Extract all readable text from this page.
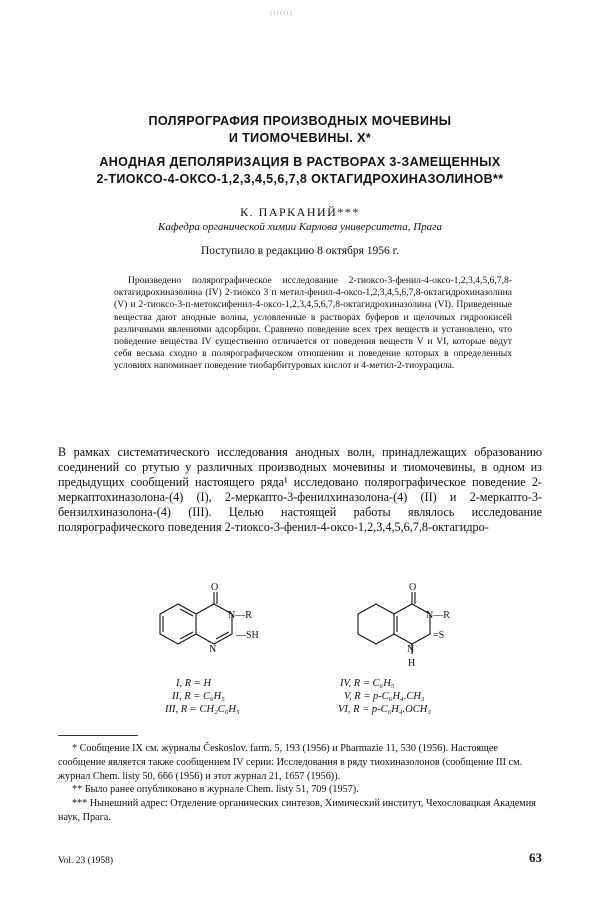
(((((((
ПОЛЯРОГРАФИЯ ПРОИЗВОДНЫХ МОЧЕВИНЫ
И ТИОМОЧЕВИНЫ. X*
АНОДНАЯ ДЕПОЛЯРИЗАЦИЯ В РАСТВОРАХ 3-ЗАМЕЩЕННЫХ
2-ТИОКСО-4-ОКСО-1,2,3,4,5,6,7,8 ОКТАГИДРОХИНАЗОЛИНОВ**
К. ПАРКАНИЙ***
Кафедра органической химии Карлова университета, Прага
Поступило в редакцию 8 октября 1956 г.
Произведено полярографическое исследование 2-тиоксо-3-фенил-4-оксо-1,2,3,4,5,6,7,8-октагидрохиназолина (IV) 2-тиоксо 3 п метил-фенил-4-оксо-1,2,3,4,5,6,7,8-октагидрохиназолина (V) и 2-тиоксо-3-п-метоксифенил-4-оксо-1,2,3,4,5,6,7,8-октагидрохиназолина (VI). Приведенные вещества дают анодные волны, условленные в растворах буферов и щелочных гидроокисей различными явлениями адсорбции. Сравнено поведение всех трех веществ и установлено, что поведение вещества IV существенно отличается от поведения веществ V и VI, которые ведут себя весьма сходно в полярографическом отношении и поведение которых в определенных условиях напоминает поведение тиобарбитуровых кислот и 4-метил-2-тиоурацила.
В рамках систематического исследования анодных волн, принадлежащих образованию соединений со ртутью у различных производных мочевины и тиомочевины, в одном из предыдущих сообщений настоящего ряда¹ исследовано полярографическое поведение 2-меркаптохиназолона-(4) (I), 2-меркапто-3-фенилхиназолона-(4) (II) и 2-меркапто-3-бензилхиназолона-(4) (III). Целью настоящей работы являлось исследование полярографического поведения 2-тиоксо-3-фенил-4-оксо-1,2,3,4,5,6,7,8-октагидро-
O
N—R
—SH
N
O
N—R
=S
N
H
I, R = H
II, R = C₆H₅
III, R = CH₂C₆H₅
IV, R = C₆H₅
V, R = p-C₆H₄.CH₃
VI, R = p-C₆H₄.OCH₃
* Сообщение IX см. журналы Českoslov. farm. 5, 193 (1956) и Pharmazie 11, 530 (1956). Настоящее сообщение является также сообщением IV серии: Исследования в ряду тиохиназолонов (сообщение III см. журнал Chem. listy 50, 666 (1956) и этот журнал 21, 1657 (1956)).
** Было ранее опубликовано в журнале Chem. listy 51, 709 (1957).
*** Нынешний адрес: Отделение органических синтезов, Химический институт, Чехословацкая Академия наук, Прага.
Vol. 23 (1958)	63
